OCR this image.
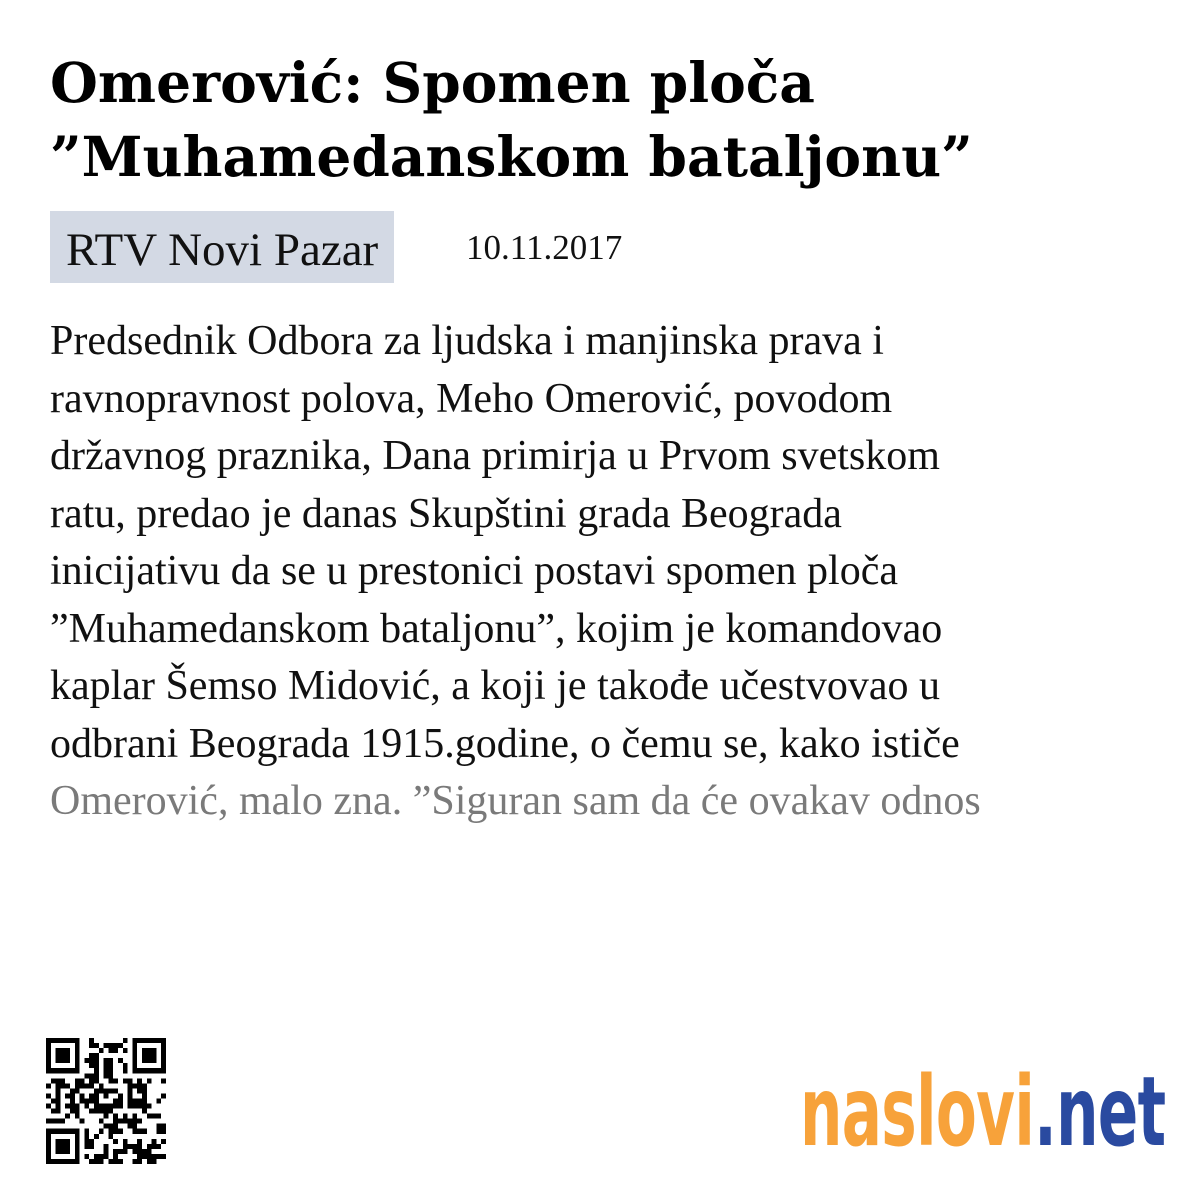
Omerović: Spomen ploča
”Muhamedanskom bataljonu”
RTV Novi Pazar	10.11.2017
Predsednik Odbora za ljudska i manjinska prava i
ravnopravnost polova, Meho Omerović, povodom
državnog praznika, Dana primirja u Prvom svetskom
ratu, predao je danas Skupštini grada Beograda
inicijativu da se u prestonici postavi spomen ploča
”Muhamedanskom bataljonu”, kojim je komandovao
kaplar Šemso Midović, a koji je takođe učestvovao u
odbrani Beograda 1915.godine, o čemu se, kako ističe
Omerović, malo zna. ”Siguran sam da će ovakav odnos
naslovi.net
